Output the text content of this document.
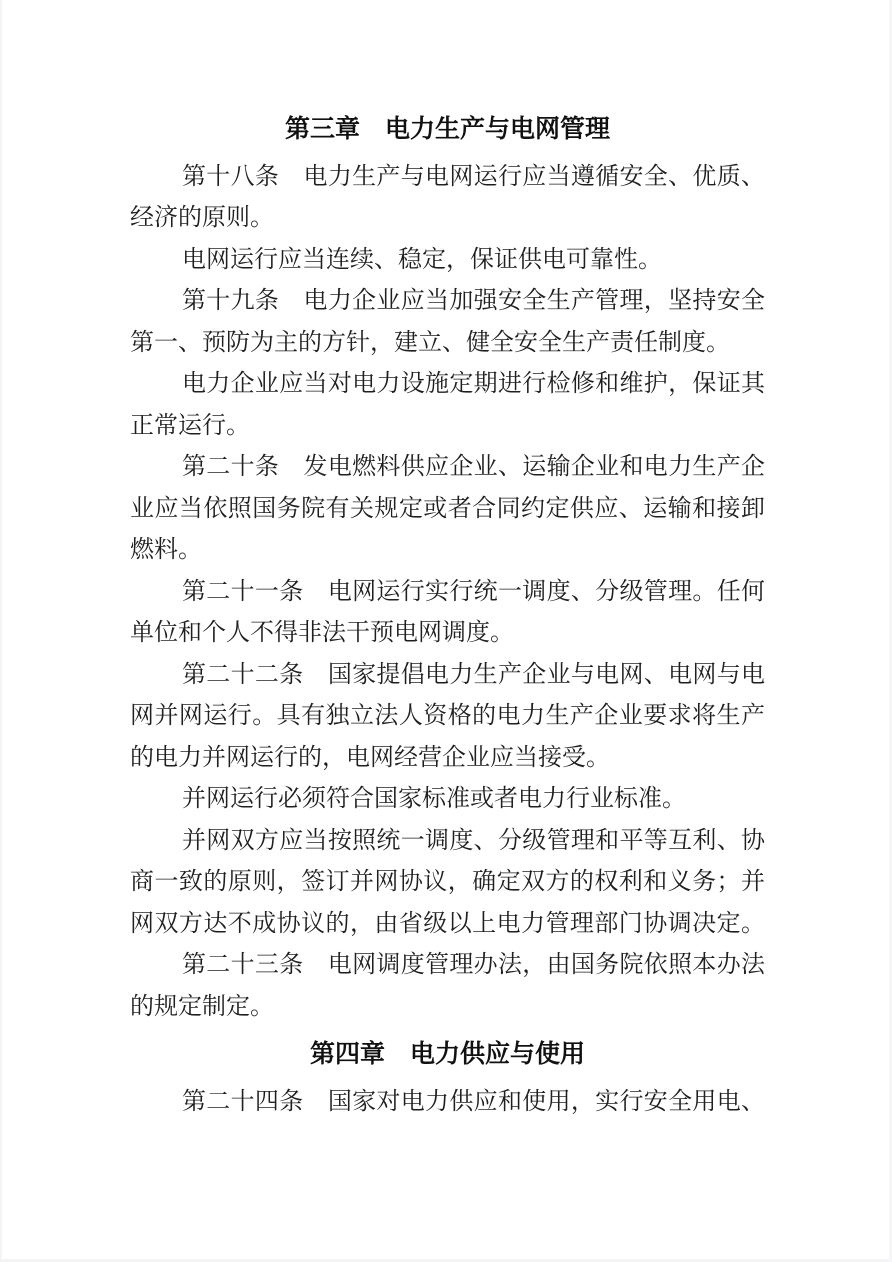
第三章　电力生产与电网管理
第十八条　电力生产与电网运行应当遵循安全、优质、
经济的原则。
电网运行应当连续、稳定，保证供电可靠性。
第十九条　电力企业应当加强安全生产管理，坚持安全
第一、预防为主的方针，建立、健全安全生产责任制度。
电力企业应当对电力设施定期进行检修和维护，保证其
正常运行。
第二十条　发电燃料供应企业、运输企业和电力生产企
业应当依照国务院有关规定或者合同约定供应、运输和接卸
燃料。
第二十一条　电网运行实行统一调度、分级管理。任何
单位和个人不得非法干预电网调度。
第二十二条　国家提倡电力生产企业与电网、电网与电
网并网运行。具有独立法人资格的电力生产企业要求将生产
的电力并网运行的，电网经营企业应当接受。
并网运行必须符合国家标准或者电力行业标准。
并网双方应当按照统一调度、分级管理和平等互利、协
商一致的原则，签订并网协议，确定双方的权利和义务；并
网双方达不成协议的，由省级以上电力管理部门协调决定。
第二十三条　电网调度管理办法，由国务院依照本办法
的规定制定。
第四章　电力供应与使用
第二十四条　国家对电力供应和使用，实行安全用电、
